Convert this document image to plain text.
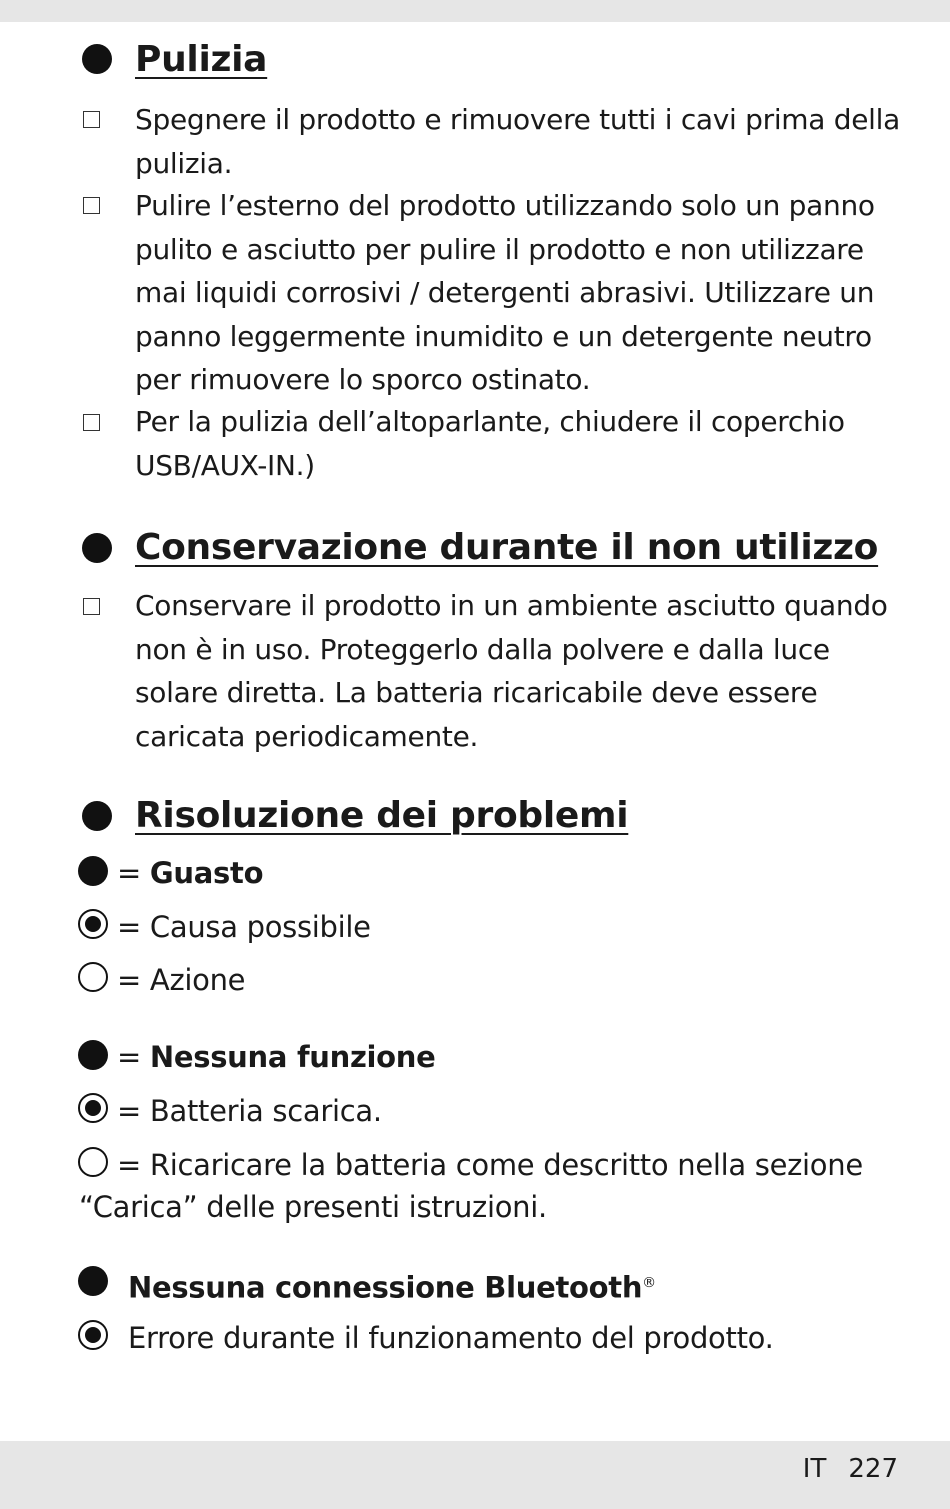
Pulizia

Spegnere il prodotto e rimuovere tutti i cavi prima della pulizia.

Pulire l’esterno del prodotto utilizzando solo un panno pulito e asciutto per pulire il prodotto e non utilizzare mai liquidi corrosivi / detergenti abrasivi. Utilizzare un panno leggermente inumidito e un detergente neutro per rimuovere lo sporco ostinato.

Per la pulizia dell’altoparlante, chiudere il coperchio USB/AUX-IN.)

Conservazione durante il non utilizzo

Conservare il prodotto in un ambiente asciutto quando non è in uso. Proteggerlo dalla polvere e dalla luce solare diretta. La batteria ricaricabile deve essere caricata periodicamente.

Risoluzione dei problemi

= Guasto

= Causa possibile

= Azione

= Nessuna funzione

= Batteria scarica.

= Ricaricare la batteria come descritto nella sezione

“Carica” delle presenti istruzioni.

Nessuna connessione Bluetooth®

Errore durante il funzionamento del prodotto.

IT 227
